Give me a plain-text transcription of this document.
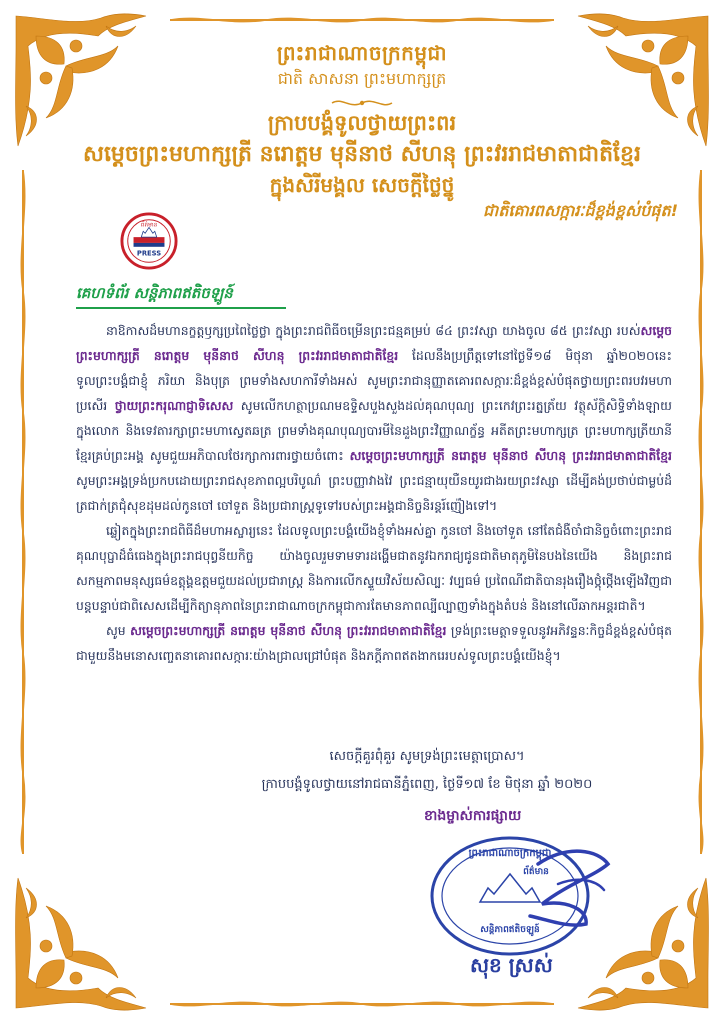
ព្រះរាជាណាចក្រកម្ពុជា
ជាតិ សាសនា ព្រះមហាក្សត្រ
ក្រាបបង្គំទូលថ្វាយព្រះពរ
សម្តេចព្រះមហាក្សត្រី នរោត្តម មុនីនាថ សីហនុ ព្រះវររាជមាតាជាតិខ្មែរ
ក្នុងសិរីមង្គល សេចក្ដីថ្លៃថ្នូ
ជាតិគោរពសក្ការៈដ៏ខ្ពង់ខ្ពស់បំផុត!
ព័ត៌មាន
PRESS
គេហទំព័រ សន្តិភាពឥតិចឡូន៍

នាឱកាសដ៏មហានក្ខត្តឫក្សប្រពៃថ្លៃថ្លា ក្នុងព្រះរាជពិធីចម្រើនព្រះជន្មគម្រប់ ៨៤ ព្រះវស្សា យាងចូល ៨៥ ព្រះវស្សា របស់សម្តេចព្រះមហាក្សត្រី នរោត្តម មុនីនាថ សីហនុ ព្រះវររាជមាតាជាតិខ្មែរ ដែលនឹងប្រព្រឹត្តទៅនៅថ្ងៃទី១៨ មិថុនា ឆ្នាំ២០២០នេះ ទូលព្រះបង្គំជាខ្ញុំ ភរិយា និងបុត្រ ព្រមទាំងសហការីទាំងអស់ សូមព្រះរាជានុញ្ញាតគោរពសក្ការៈដ៏ខ្ពង់ខ្ពស់បំផុតថ្វាយព្រះពរបវរមហាប្រសើរ ថ្វាយព្រះករុណាជ្ញាទិសេស សូមលើកហត្ថាប្រណមឧទ្ទិសបួងសួងដល់គុណបុណ្យ ព្រះកេវព្រះរត្នត្រ័យ វត្ថុស័ក្តិសិទ្ធិទាំងឡាយក្នុងលោក និងទេវតារក្សាព្រះមហាស្វេតឆត្រ ព្រមទាំងគុណបុណ្យបារមីនៃដួងព្រះវិញ្ញាណក្ខ័ន្ធ អតីតព្រះមហាក្សត្រ ព្រះមហាក្សត្រីយានីខ្មែរគ្រប់ព្រះអង្គ សូមជួយអភិបាលថែរក្សាការពារថ្វាយចំពោះ សម្តេចព្រះមហាក្សត្រី នរោត្តម មុនីនាថ សីហនុ ព្រះវររាជមាតាជាតិខ្មែរ សូមព្រះអង្គទ្រង់ប្រកបដោយព្រះរាជសុខភាពល្អបរិបូណ៌ ព្រះបញ្ញាវាងវៃ ព្រះជន្មាយុយឺនយូរជាងរយព្រះវស្សា ដើម្បីគង់ប្រថាប់ជាម្លប់ដ៏ត្រជាក់ត្រជុំសុខដុមដល់កូនចៅ ចៅទួត និងប្រជារាស្ត្រទូទៅរបស់ព្រះអង្គជានិច្ចនិរន្តរ៍ញ៉ៀងទៅ។

ឆ្លៀតក្នុងព្រះរាជពិធីដ៏មហាអស្ចារ្យនេះ ដែលទូលព្រះបង្គំយើងខ្ញុំទាំងអស់គ្នា កូនចៅ និងចៅទួត នៅតែជំងឺចាំជានិច្ចចំពោះព្រះរាជគុណបុប្ផាដ៏ធំធេងក្នុងព្រះរាជបុព្វនីយកិច្ច យ៉ាងចូលរួមទាមទារដង្ហើមជាតនូវឯករាជ្យជូនជាតិមាតុភូមិនៃបងនៃយើង និងព្រះរាជសកម្មភាពមនុស្សធម៌ឧត្តុង្គឧត្តមជួយដល់ប្រជារាស្ត្រ និងការលើកស្ទួយវិស័យសិល្បៈ វប្បធម៌ ប្រពៃណីជាតិបានរុងរឿងថ្កុំថ្កើងឡើងវិញជាបន្តបន្ទាប់ជាពិសេសដើម្បីកិត្យានុភាពនៃព្រះរាជាណាចក្រកម្ពុជាការតែមានភាពល្បីល្បាញទាំងក្នុងតំបន់ និងនៅលើឆាកអន្តរជាតិ។

សូម សម្តេចព្រះមហាក្សត្រី នរោត្តម មុនីនាថ សីហនុ ព្រះវររាជមាតាជាតិខ្មែរ ទ្រង់ព្រះមេត្តាទទួលនូវអភិវន្ទនៈកិច្ចដ៏ខ្ពង់ខ្ពស់បំផុតជាមួយនឹងមនោសញ្ចេតនាគោរពសក្ការៈយ៉ាងជ្រាលជ្រៅបំផុត និងភក្តីភាពឥតងាករេរបស់ទូលព្រះបង្គំយើងខ្ញុំ។

សេចក្ដីគួរពុំគួរ សូមទ្រង់ព្រះមេត្តាប្រោស។
ក្រាបបង្គំទូលថ្វាយនៅរាជធានីភ្នំពេញ, ថ្ងៃទី១៧ ខែ មិថុនា ឆ្នាំ ២០២០
ខាងម្ចាស់ការផ្សាយ
ព្រះរាជាណាចក្រកម្ពុជា
ព័ត៌មាន
សន្តិភាពឥតិចឡូន៍
សុខ ស្រស់
